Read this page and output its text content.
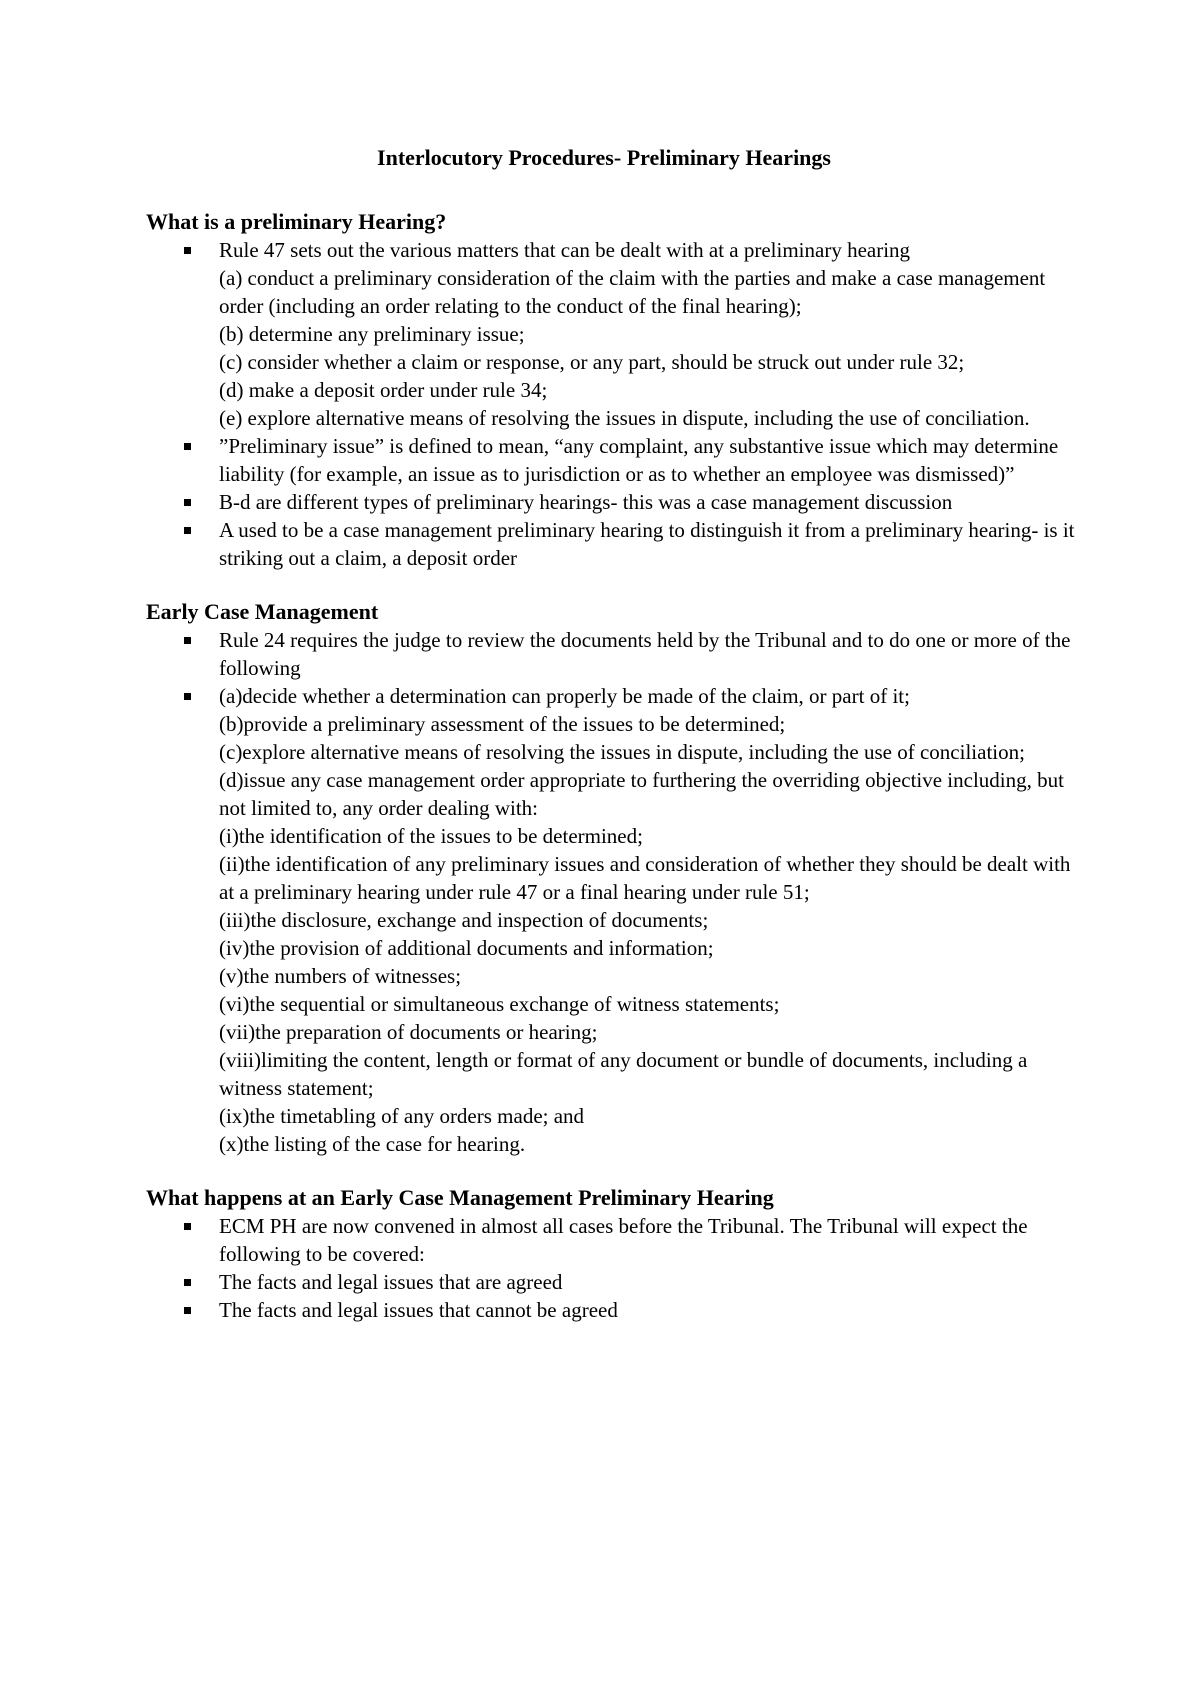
Interlocutory Procedures- Preliminary Hearings
What is a preliminary Hearing?
Rule 47 sets out the various matters that can be dealt with at a preliminary hearing
(a) conduct a preliminary consideration of the claim with the parties and make a case management order (including an order relating to the conduct of the final hearing);
(b) determine any preliminary issue;
(c) consider whether a claim or response, or any part, should be struck out under rule 32;
(d) make a deposit order under rule 34;
(e) explore alternative means of resolving the issues in dispute, including the use of conciliation.
”Preliminary issue” is defined to mean, “any complaint, any substantive issue which may determine liability (for example, an issue as to jurisdiction or as to whether an employee was dismissed)”
B-d are different types of preliminary hearings- this was a case management discussion
A used to be a case management preliminary hearing to distinguish it from a preliminary hearing- is it striking out a claim, a deposit order
Early Case Management
Rule 24 requires the judge to review the documents held by the Tribunal and to do one or more of the following
(a)decide whether a determination can properly be made of the claim, or part of it;
(b)provide a preliminary assessment of the issues to be determined;
(c)explore alternative means of resolving the issues in dispute, including the use of conciliation;
(d)issue any case management order appropriate to furthering the overriding objective including, but not limited to, any order dealing with:
(i)the identification of the issues to be determined;
(ii)the identification of any preliminary issues and consideration of whether they should be dealt with at a preliminary hearing under rule 47 or a final hearing under rule 51;
(iii)the disclosure, exchange and inspection of documents;
(iv)the provision of additional documents and information;
(v)the numbers of witnesses;
(vi)the sequential or simultaneous exchange of witness statements;
(vii)the preparation of documents or hearing;
(viii)limiting the content, length or format of any document or bundle of documents, including a witness statement;
(ix)the timetabling of any orders made; and
(x)the listing of the case for hearing.
What happens at an Early Case Management Preliminary Hearing
ECM PH are now convened in almost all cases before the Tribunal. The Tribunal will expect the following to be covered:
The facts and legal issues that are agreed
The facts and legal issues that cannot be agreed
